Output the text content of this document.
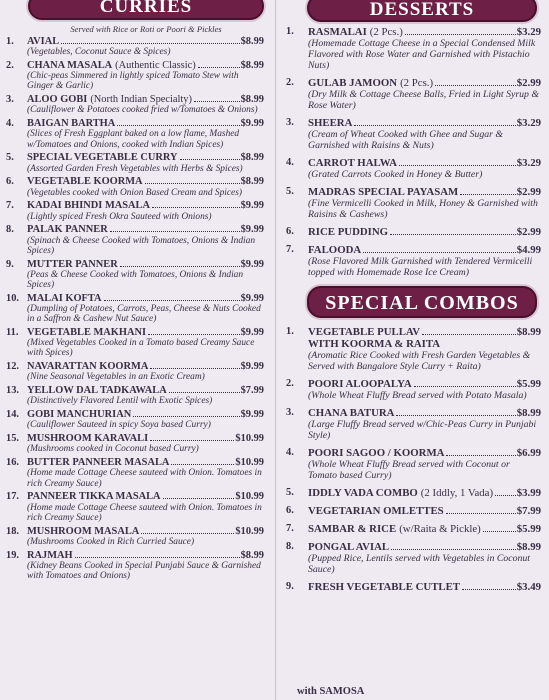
CURRIES
Served with Rice or Roti or Poori & Pickles
1. AVIAL	$8.99
(Vegetables, Coconut Sauce & Spices)
2. CHANA MASALA (Authentic Classic)	$8.99
(Chic-peas Simmered in lightly spiced Tomato Stew with Ginger & Garlic)
3. ALOO GOBI (North Indian Specialty)	$8.99
(Cauliflower & Potatoes cooked fried w/Tomatoes & Onions)
4. BAIGAN BARTHA	$9.99
(Slices of Fresh Eggplant baked on a low flame, Mashed w/Tomatoes and Onions, cooked with Indian Spices)
5. SPECIAL VEGETABLE CURRY	$8.99
(Assorted Garden Fresh Vegetables with Herbs & Spices)
6. VEGETABLE KOORMA	$8.99
(Vegetables cooked with Onion Based Cream and Spices)
7. KADAI BHINDI MASALA	$9.99
(Lightly spiced Fresh Okra Sauteed with Onions)
8. PALAK PANNER	$9.99
(Spinach & Cheese Cooked with Tomatoes, Onions & Indian Spices)
9. MUTTER PANNER	$9.99
(Peas & Cheese Cooked with Tomatoes, Onions & Indian Spices)
10. MALAI KOFTA	$9.99
(Dumpling of Potatoes, Carrots, Peas, Cheese & Nuts Cooked in a Saffron & Cashew Nut Sauce)
11. VEGETABLE MAKHANI	$9.99
(Mixed Vegetables Cooked in a Tomato based Creamy Sauce with Spices)
12. NAVARATTAN KOORMA	$9.99
(Nine Seasonal Vegetables in an Exotic Cream)
13. YELLOW DAL TADKAWALA	$7.99
(Distinctively Flavored Lentil with Exotic Spices)
14. GOBI MANCHURIAN	$9.99
(Cauliflower Sauteed in spicy Soya based Curry)
15. MUSHROOM KARAVALI	$10.99
(Mushrooms cooked in Coconut based Curry)
16. BUTTER PANNEER MASALA	$10.99
(Home made Cottage Cheese sauteed with Onion. Tomatoes in rich Creamy Sauce)
17. PANNEER TIKKA MASALA	$10.99
(Home made Cottage Cheese sauteed with Onion. Tomatoes in rich Creamy Sauce)
18. MUSHROOM MASALA	$10.99
(Mushrooms Cooked in Rich Curried Sauce)
19. RAJMAH	$8.99
(Kidney Beans Cooked in Special Punjabi Sauce & Garnished with Tomatoes and Onions)
DESSERTS
1. RASMALAI (2 Pcs.)	$3.29
(Homemade Cottage Cheese in a Special Condensed Milk Flavored with Rose Water and Garnished with Pistachio Nuts)
2. GULAB JAMOON (2 Pcs.)	$2.99
(Dry Milk & Cottage Cheese Balls, Fried in Light Syrup & Rose Water)
3. SHEERA	$3.29
(Cream of Wheat Cooked with Ghee and Sugar & Garnished with Raisins & Nuts)
4. CARROT HALWA	$3.29
(Grated Carrots Cooked in Honey & Butter)
5. MADRAS SPECIAL PAYASAM	$2.99
(Fine Vermicelli Cooked in Milk, Honey & Garnished with Raisins & Cashews)
6. RICE PUDDING	$2.99
7. FALOODA	$4.99
(Rose Flavored Milk Garnished with Tendered Vermicelli topped with Homemade Rose Ice Cream)
SPECIAL COMBOS
1. VEGETABLE PULLAV	$8.99
WITH KOORMA & RAITA
(Aromatic Rice Cooked with Fresh Garden Vegetables & Served with Bangalore Style Curry + Raita)
2. POORI ALOOPALYA	$5.99
(Whole Wheat Fluffy Bread served with Potato Masala)
3. CHANA BATURA	$8.99
(Large Fluffy Bread served w/Chic-Peas Curry in Punjabi Style)
4. POORI SAGOO / KOORMA	$6.99
(Whole Wheat Fluffy Bread served with Coconut or Tomato based Curry)
5. IDDLY VADA COMBO (2 Iddly, 1 Vada) $3.99
6. VEGETARIAN OMLETTES	$7.99
7. SAMBAR & RICE (w/Raita & Pickle)	$5.99
8. PONGAL AVIAL	$8.99
(Pupped Rice, Lentils served with Vegetables in Coconut Sauce)
9. FRESH VEGETABLE CUTLET	$3.49
with SAMOSA
